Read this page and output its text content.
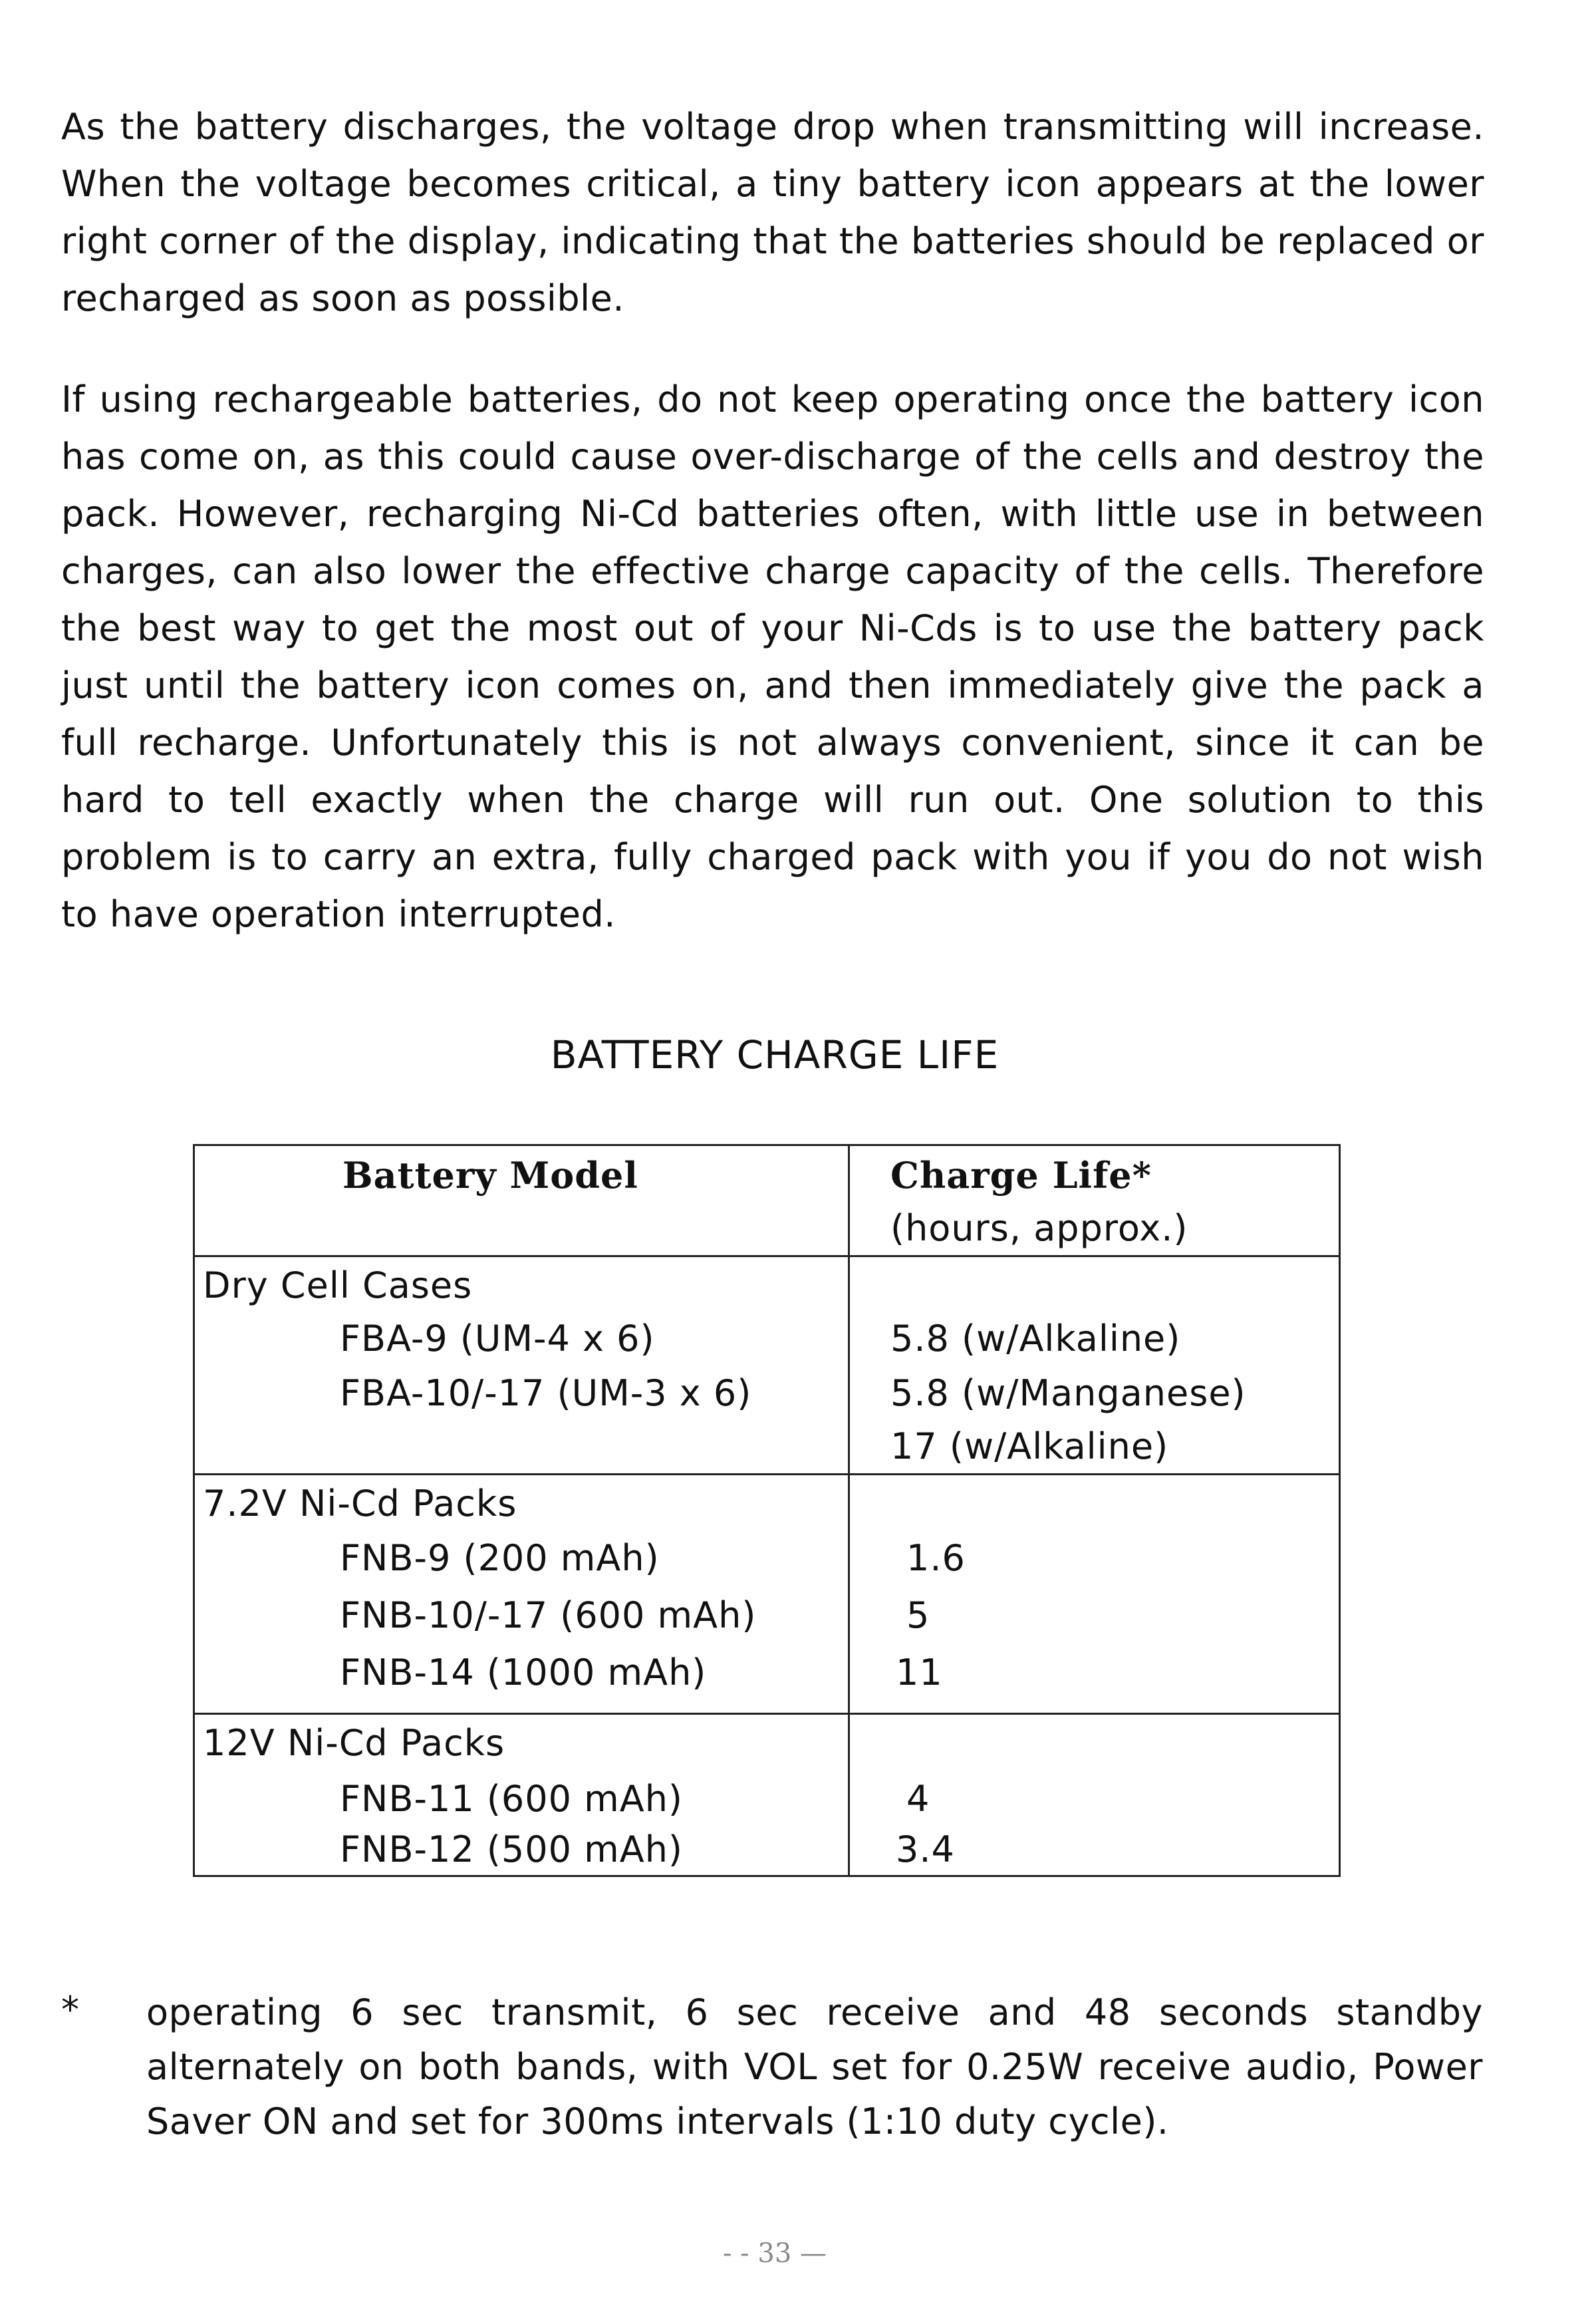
As the battery discharges, the voltage drop when transmitting will increase. When the voltage becomes critical, a tiny battery icon appears at the lower right corner of the display, indicating that the batteries should be replaced or recharged as soon as possible.

If using rechargeable batteries, do not keep operating once the battery icon has come on, as this could cause over-discharge of the cells and destroy the pack. However, recharging Ni-Cd batteries often, with little use in between charges, can also lower the effective charge capacity of the cells. Therefore the best way to get the most out of your Ni-Cds is to use the battery pack just until the battery icon comes on, and then immediately give the pack a full recharge. Unfortunately this is not always convenient, since it can be hard to tell exactly when the charge will run out. One solution to this problem is to carry an extra, fully charged pack with you if you do not wish to have operation interrupted.

BATTERY CHARGE LIFE
Battery Model	Charge Life*
(hours, approx.)
Dry Cell Cases
FBA-9 (UM-4 x 6)	5.8 (w/Alkaline)
FBA-10/-17 (UM-3 x 6)	5.8 (w/Manganese)
17 (w/Alkaline)
7.2V Ni-Cd Packs
FNB-9 (200 mAh)	1.6
FNB-10/-17 (600 mAh)	5
FNB-14 (1000 mAh)	11
12V Ni-Cd Packs
FNB-11 (600 mAh)	4
FNB-12 (500 mAh)	3.4
* operating 6 sec transmit, 6 sec receive and 48 seconds standby alternately on both bands, with VOL set for 0.25W receive audio, Power Saver ON and set for 300ms intervals (1:10 duty cycle).

- - 33 —
